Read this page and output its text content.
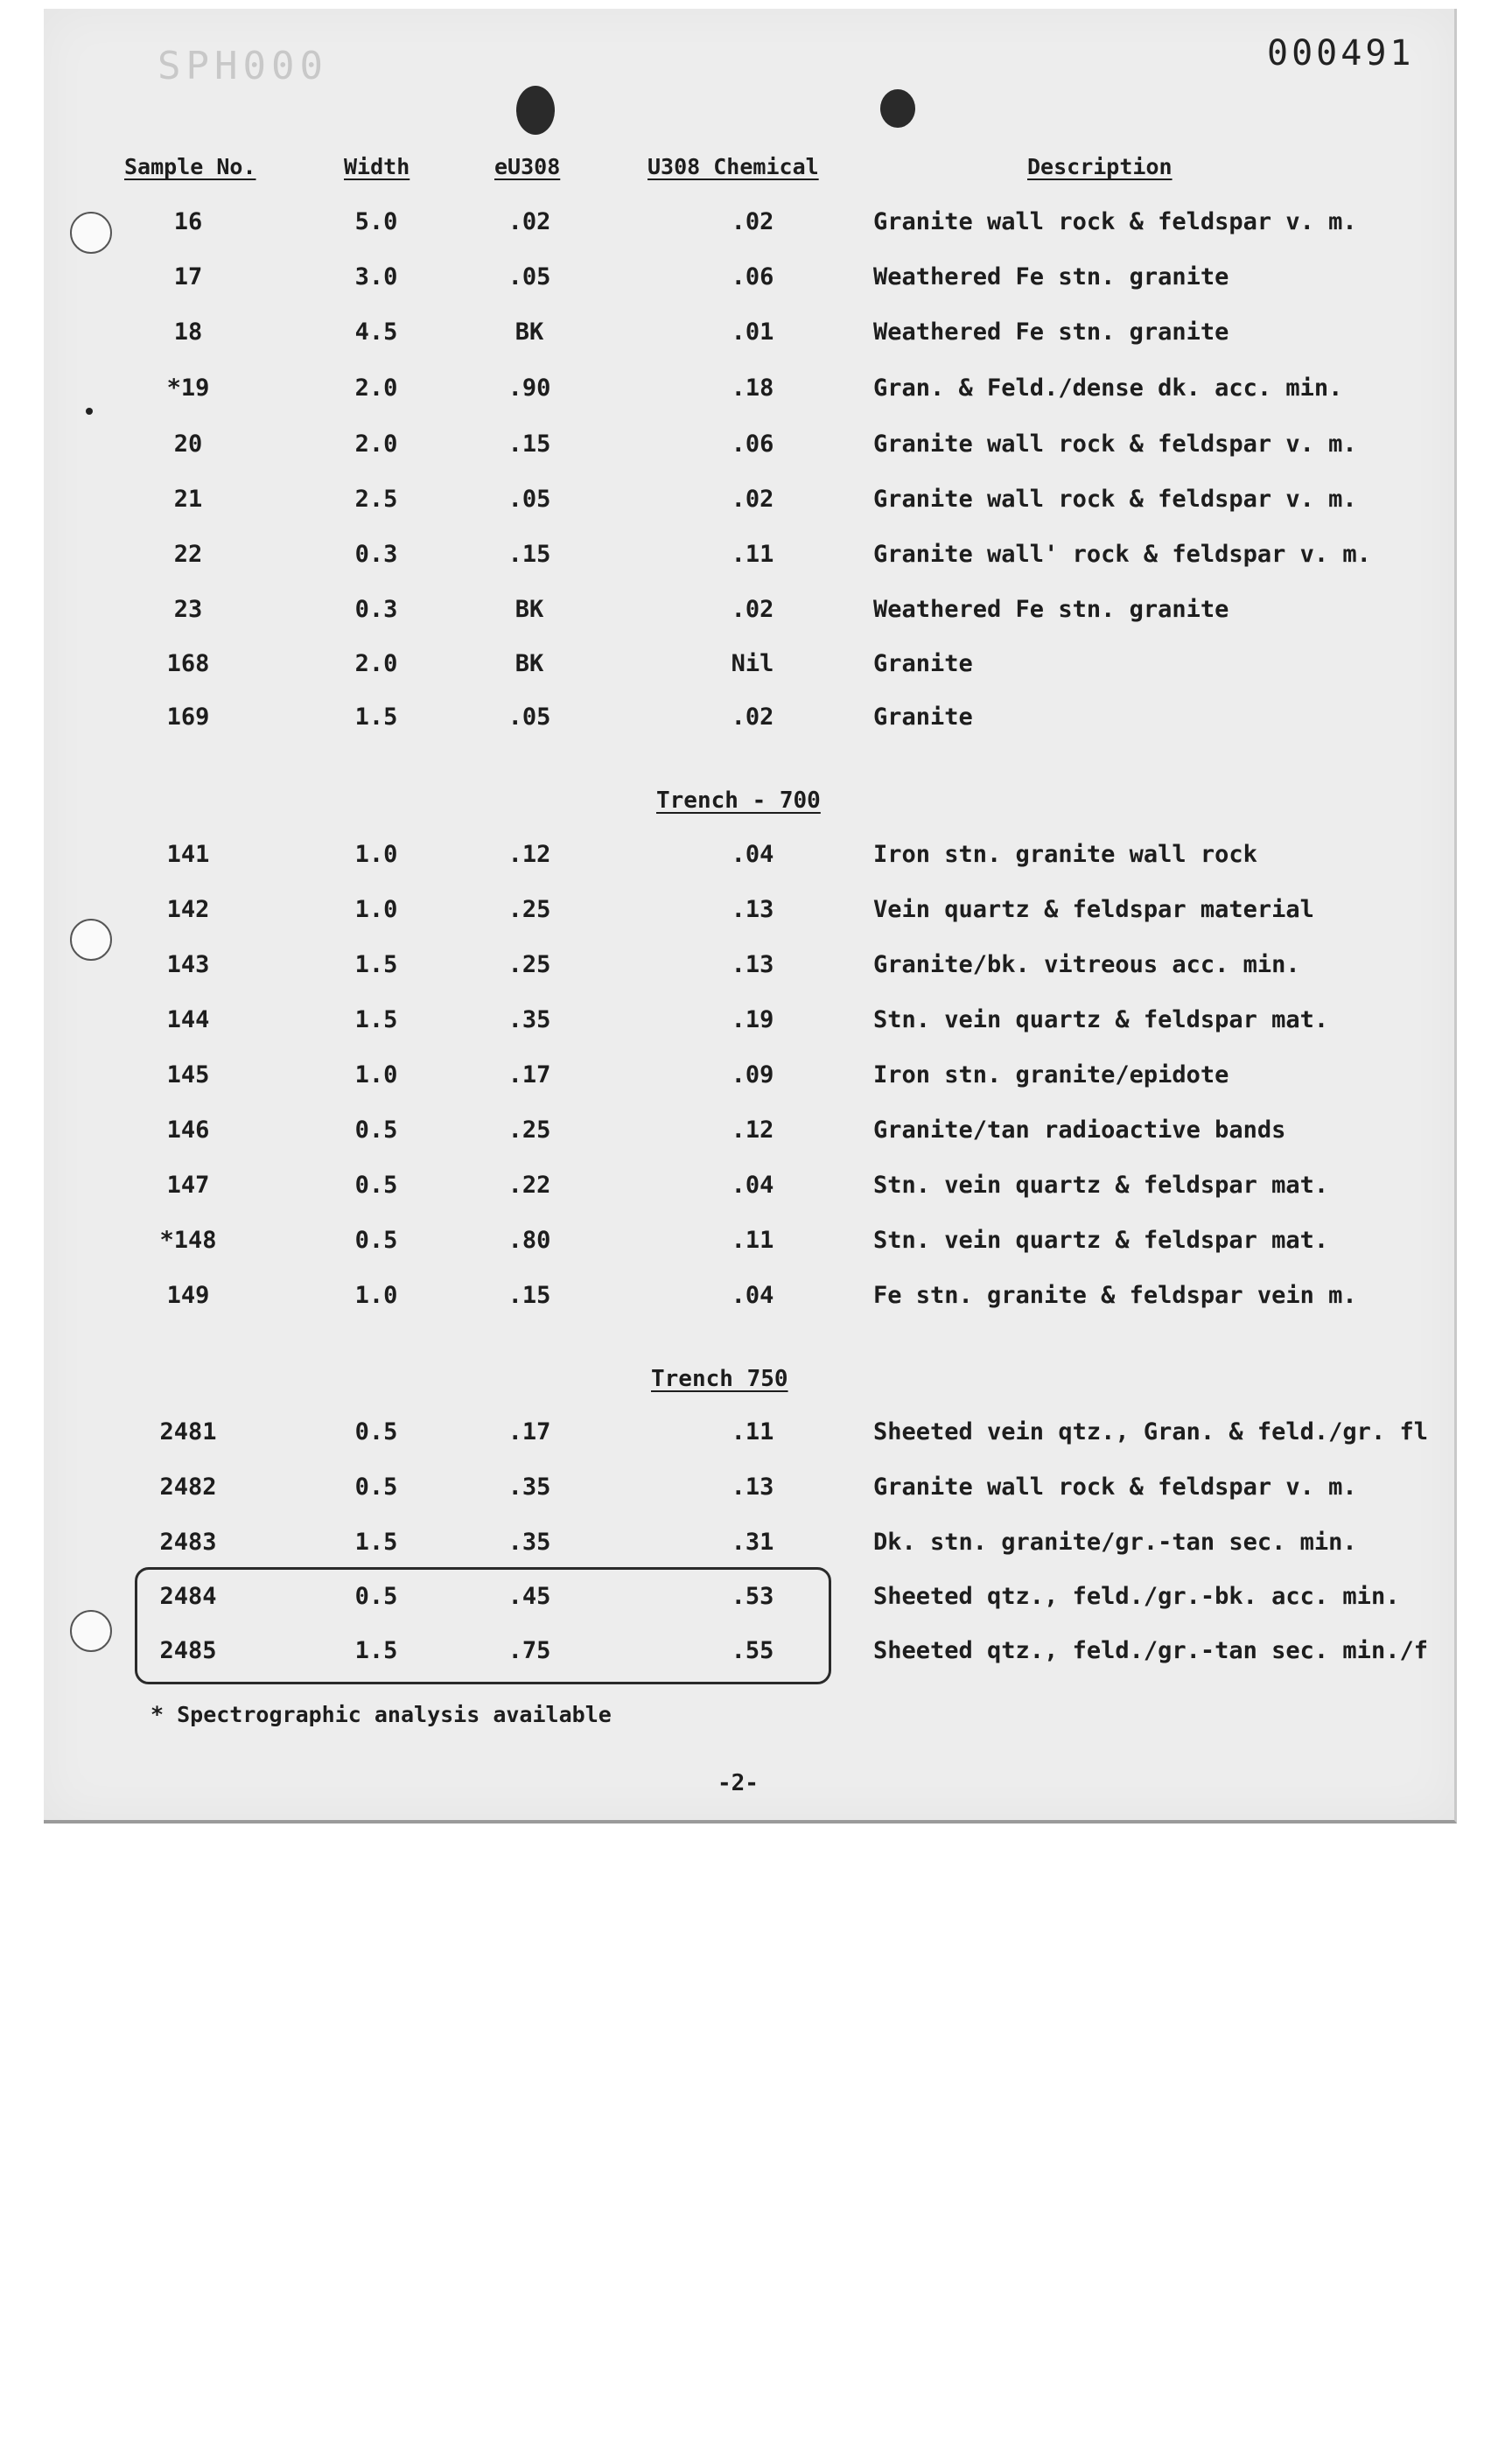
SPH000	000491
Sample No.	Width	eU308	U308 Chemical	Description
16	5.0	.02	.02	Granite wall rock & feldspar v. m.
17	3.0	.05	.06	Weathered Fe stn. granite
18	4.5	BK	.01	Weathered Fe stn. granite
*19	2.0	.90	.18	Gran. & Feld./dense dk. acc. min.
20	2.0	.15	.06	Granite wall rock & feldspar v. m.
21	2.5	.05	.02	Granite wall rock & feldspar v. m.
22	0.3	.15	.11	Granite wall' rock & feldspar v. m.
23	0.3	BK	.02	Weathered Fe stn. granite
168	2.0	BK	Nil	Granite
169	1.5	.05	.02	Granite
Trench - 700
141	1.0	.12	.04	Iron stn. granite wall rock
142	1.0	.25	.13	Vein quartz & feldspar material
143	1.5	.25	.13	Granite/bk. vitreous acc. min.
144	1.5	.35	.19	Stn. vein quartz & feldspar mat.
145	1.0	.17	.09	Iron stn. granite/epidote
146	0.5	.25	.12	Granite/tan radioactive bands
147	0.5	.22	.04	Stn. vein quartz & feldspar mat.
*148	0.5	.80	.11	Stn. vein quartz & feldspar mat.
149	1.0	.15	.04	Fe stn. granite & feldspar vein m.
Trench 750
2481	0.5	.17	.11	Sheeted vein qtz., Gran. & feld./gr. fl
2482	0.5	.35	.13	Granite wall rock & feldspar v. m.
2483	1.5	.35	.31	Dk. stn. granite/gr.-tan sec. min.
2484	0.5	.45	.53	Sheeted qtz., feld./gr.-bk. acc. min.
2485	1.5	.75	.55	Sheeted qtz., feld./gr.-tan sec. min./f
* Spectrographic analysis available
-2-
